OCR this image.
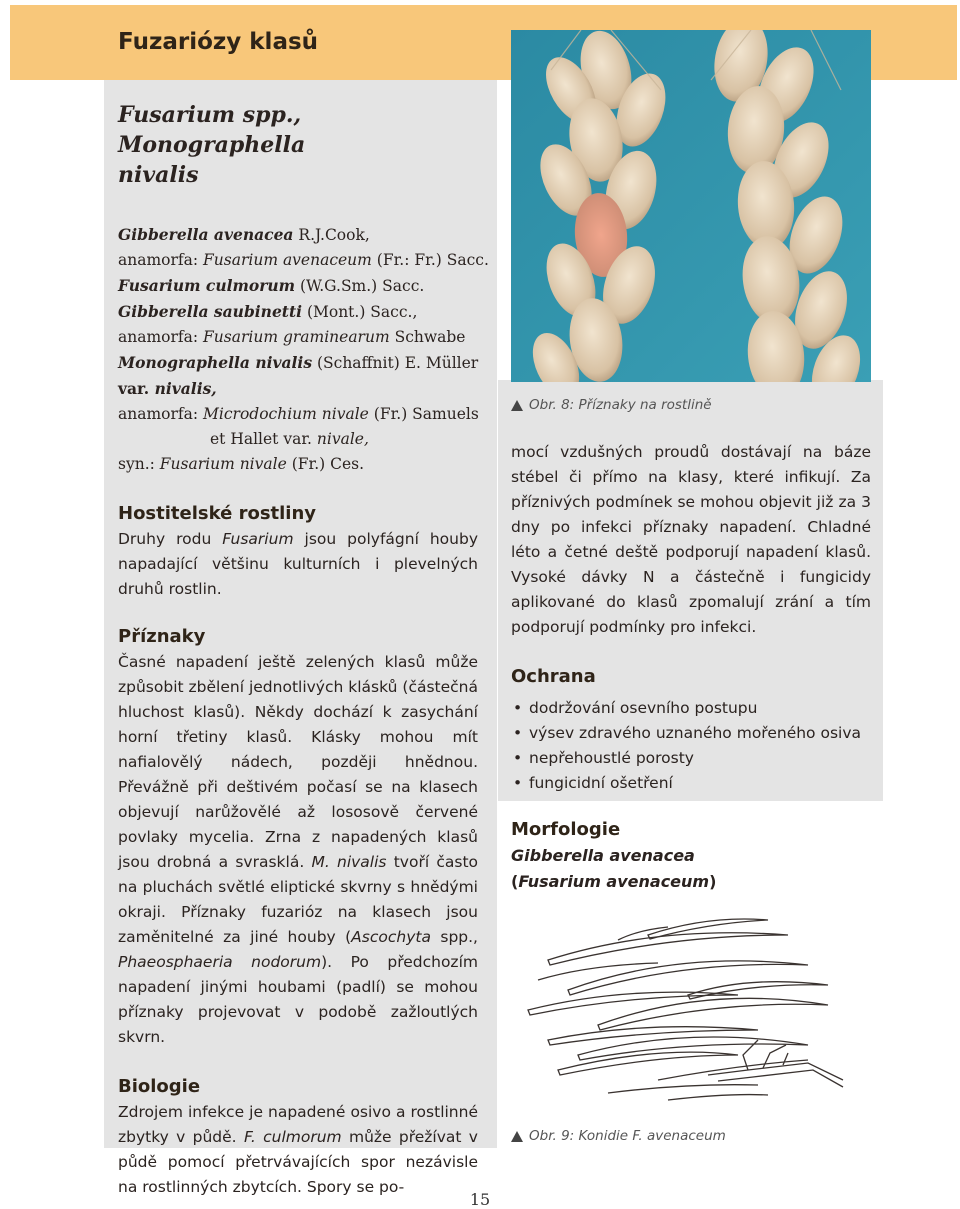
Fuzariózy klasů
Fusarium spp., Monographella
nivalis
Gibberella avenacea R.J.Cook,
anamorfa: Fusarium avenaceum (Fr.: Fr.) Sacc.
Fusarium culmorum (W.G.Sm.) Sacc.
Gibberella saubinetti (Mont.) Sacc.,
anamorfa: Fusarium graminearum Schwabe
Monographella nivalis (Schaffnit) E. Müller
var. nivalis,
anamorfa: Microdochium nivale (Fr.) Samuels
et Hallet var. nivale,
syn.: Fusarium nivale (Fr.) Ces.
Hostitelské rostliny

Druhy rodu Fusarium jsou polyfágní houby napadající většinu kulturních i plevelných druhů rostlin.

Příznaky

Časné napadení ještě zelených klasů může způsobit zbělení jednotlivých klásků (částečná hluchost klasů). Někdy dochází k zasychání horní třetiny klasů. Klásky mohou mít nafialovělý nádech, později hnědnou. Převážně při deštivém počasí se na klasech objevují narůžovělé až lososově červené povlaky mycelia. Zrna z napadených klasů jsou drobná a svrasklá. M. nivalis tvoří často na pluchách světlé eliptické skvrny s hnědými okraji. Příznaky fuzarióz na klasech jsou zaměnitelné za jiné houby (Ascochyta spp., Phaeosphaeria nodorum). Po předchozím napadení jinými houbami (padlí) se mohou příznaky projevovat v podobě zažloutlých skvrn.

Biologie

Zdrojem infekce je napadené osivo a rostlinné zbytky v půdě. F. culmorum může přežívat v půdě pomocí přetrvávajících spor nezávisle na rostlinných zbytcích. Spory se po-

Obr. 8: Příznaky na rostlině

mocí vzdušných proudů dostávají na báze stébel či přímo na klasy, které infikují. Za příznivých podmínek se mohou objevit již za 3 dny po infekci příznaky napadení. Chladné léto a četné deště podporují napadení klasů. Vysoké dávky N a částečně i fungicidy aplikované do klasů zpomalují zrání a tím podporují podmínky pro infekci.

Ochrana
• dodržování osevního postupu
• výsev zdravého uznaného mořeného osiva
• nepřehoustlé porosty
• fungicidní ošetření
Morfologie

Gibberella avenacea

(Fusarium avenaceum)

Obr. 9: Konidie F. avenaceum
15
